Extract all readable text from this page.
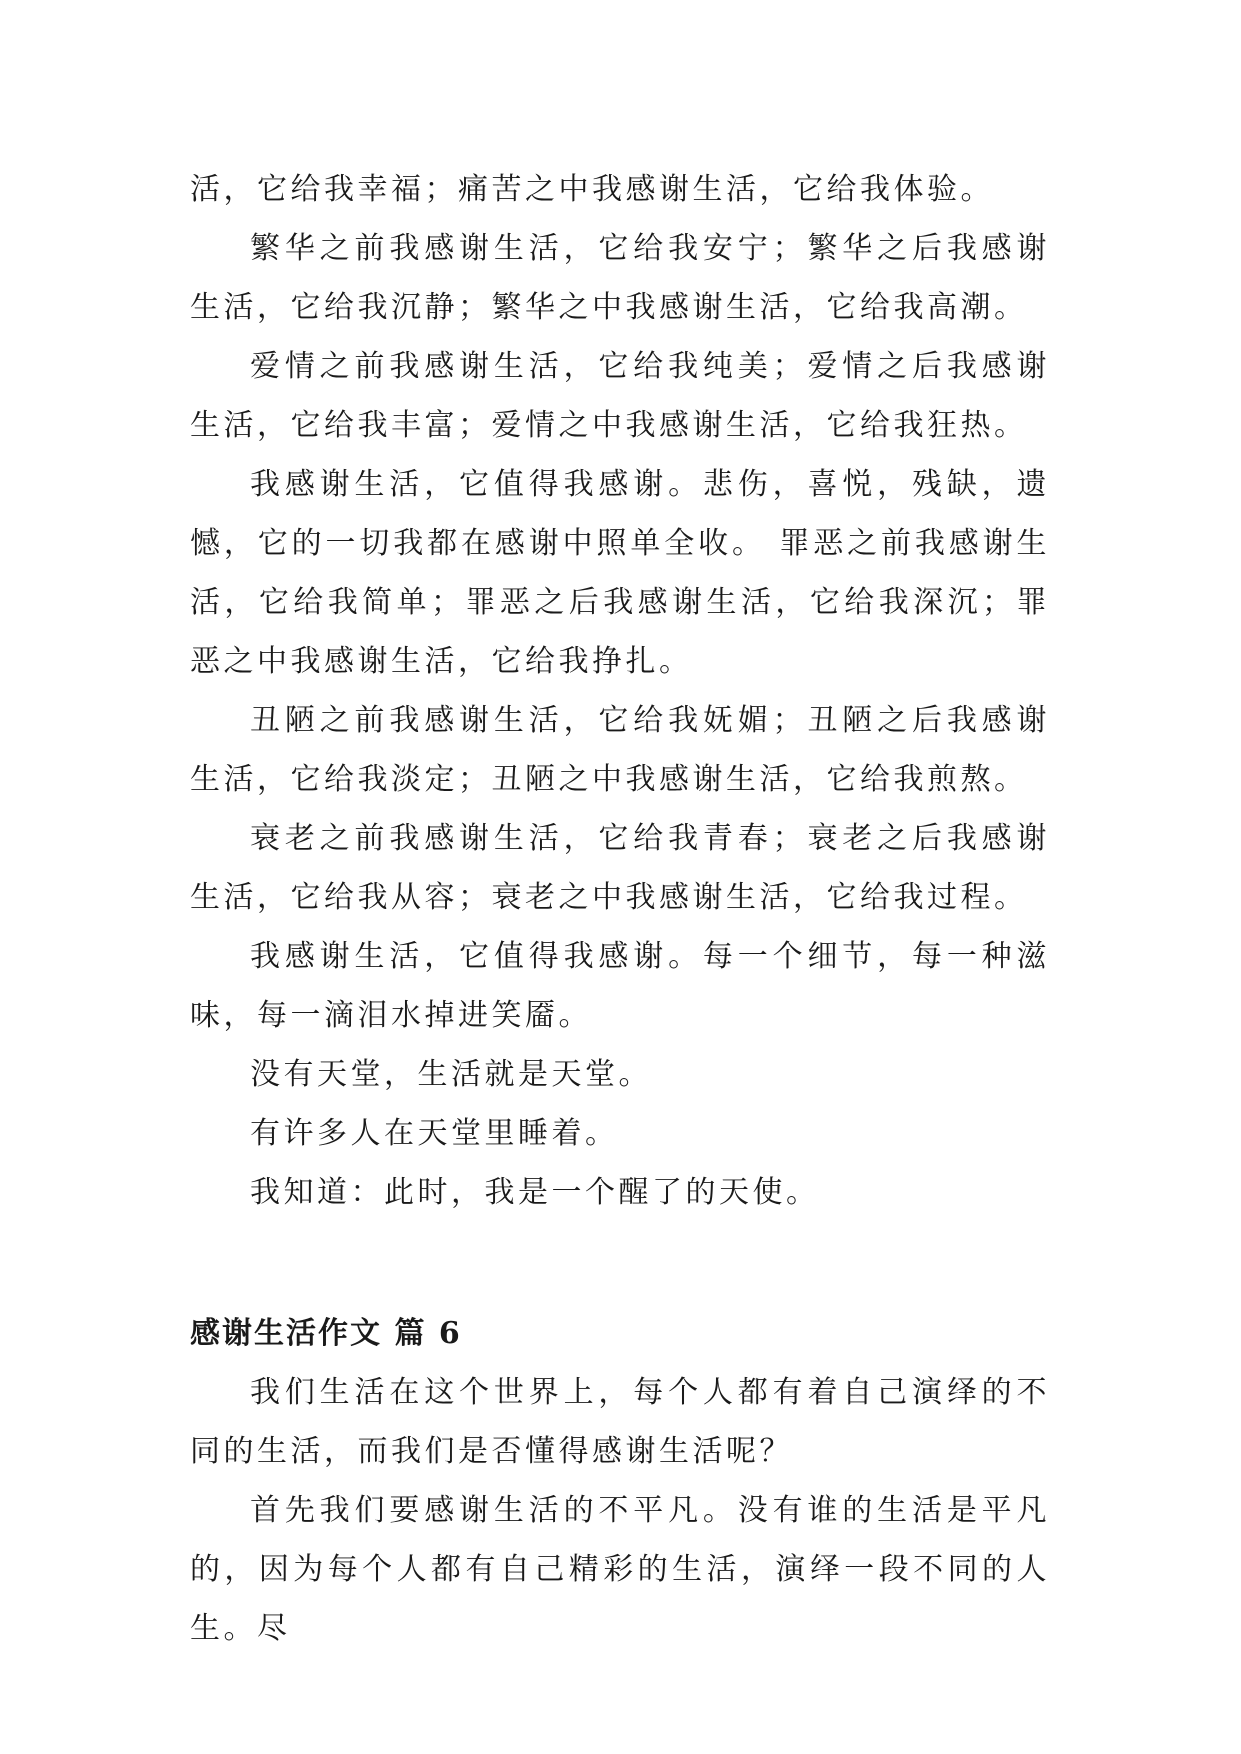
活，它给我幸福；痛苦之中我感谢生活，它给我体验。

繁华之前我感谢生活，它给我安宁；繁华之后我感谢生活，它给我沉静；繁华之中我感谢生活，它给我高潮。

爱情之前我感谢生活，它给我纯美；爱情之后我感谢生活，它给我丰富；爱情之中我感谢生活，它给我狂热。

我感谢生活，它值得我感谢。悲伤，喜悦，残缺，遗憾，它的一切我都在感谢中照单全收。 罪恶之前我感谢生活，它给我简单；罪恶之后我感谢生活，它给我深沉；罪恶之中我感谢生活，它给我挣扎。

丑陋之前我感谢生活，它给我妩媚；丑陋之后我感谢生活，它给我淡定；丑陋之中我感谢生活，它给我煎熬。

衰老之前我感谢生活，它给我青春；衰老之后我感谢生活，它给我从容；衰老之中我感谢生活，它给我过程。

我感谢生活，它值得我感谢。每一个细节，每一种滋味，每一滴泪水掉进笑靥。

没有天堂，生活就是天堂。

有许多人在天堂里睡着。

我知道：此时，我是一个醒了的天使。

感谢生活作文 篇 6

我们生活在这个世界上，每个人都有着自己演绎的不同的生活，而我们是否懂得感谢生活呢？

首先我们要感谢生活的不平凡。没有谁的生活是平凡的，因为每个人都有自己精彩的生活，演绎一段不同的人生。尽
